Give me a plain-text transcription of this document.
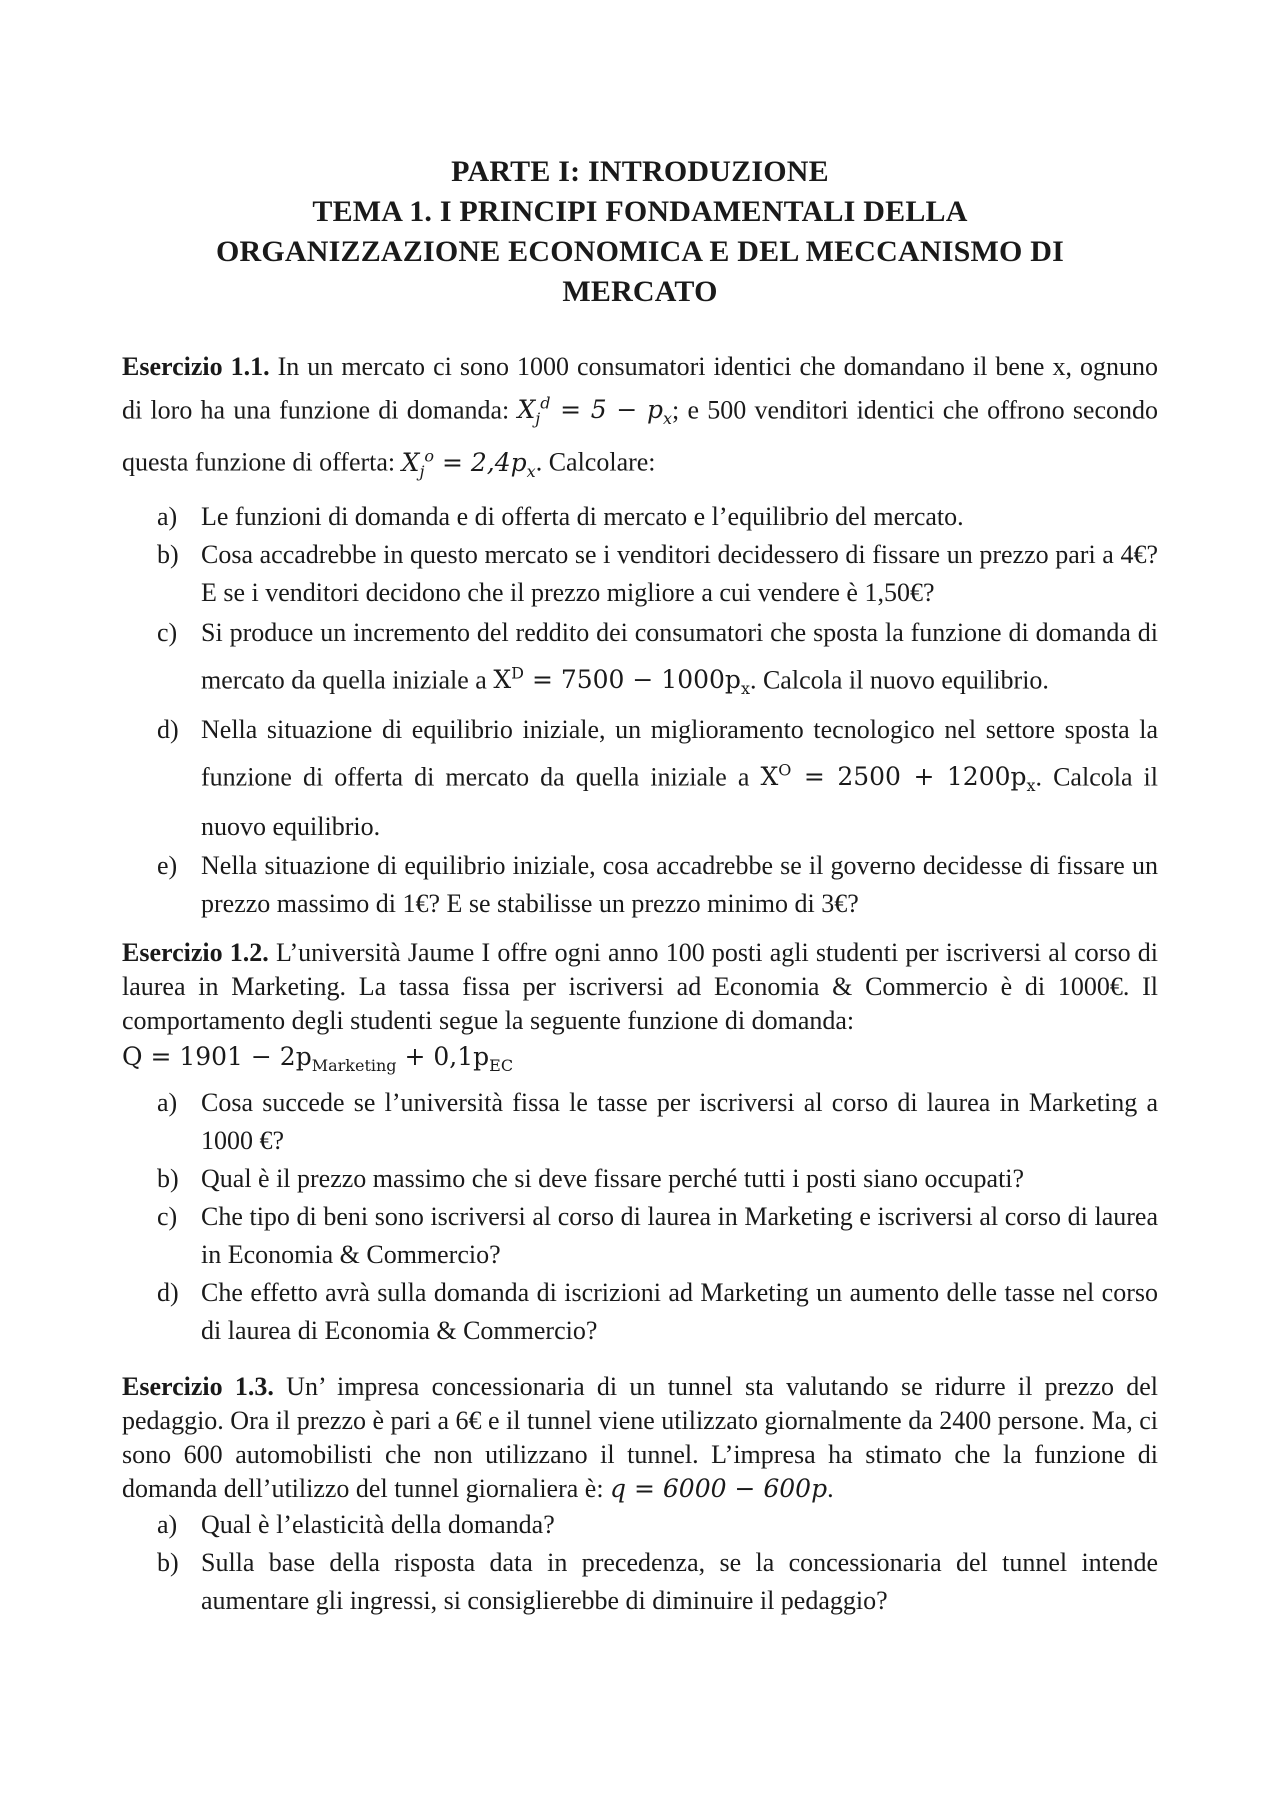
PARTE I: INTRODUZIONE
TEMA 1. I PRINCIPI FONDAMENTALI DELLA
ORGANIZZAZIONE ECONOMICA E DEL MECCANISMO DI
MERCATO

Esercizio 1.1. In un mercato ci sono 1000 consumatori identici che domandano il bene x, ognuno di loro ha una funzione di domanda: $X_j^d = 5 - p_x$; e 500 venditori identici che offrono secondo questa funzione di offerta: $X_j^o = 2,4p_x$. Calcolare:

a) Le funzioni di domanda e di offerta di mercato e l’equilibrio del mercato.
b) Cosa accadrebbe in questo mercato se i venditori decidessero di fissare un prezzo pari a 4€? E se i venditori decidono che il prezzo migliore a cui vendere è 1,50€?
c) Si produce un incremento del reddito dei consumatori che sposta la funzione di domanda di mercato da quella iniziale a $X^D = 7500 - 1000p_x$. Calcola il nuovo equilibrio.
d) Nella situazione di equilibrio iniziale, un miglioramento tecnologico nel settore sposta la funzione di offerta di mercato da quella iniziale a $X^O = 2500 + 1200p_x$. Calcola il nuovo equilibrio.
e) Nella situazione di equilibrio iniziale, cosa accadrebbe se il governo decidesse di fissare un prezzo massimo di 1€? E se stabilisse un prezzo minimo di 3€?

Esercizio 1.2. L’università Jaume I offre ogni anno 100 posti agli studenti per iscriversi al corso di laurea in Marketing. La tassa fissa per iscriversi ad Economia & Commercio è di 1000€. Il comportamento degli studenti segue la seguente funzione di domanda:

$Q = 1901 - 2p_{Marketing} + 0,1p_{EC}$

a) Cosa succede se l’università fissa le tasse per iscriversi al corso di laurea in Marketing a 1000 €?
b) Qual è il prezzo massimo che si deve fissare perché tutti i posti siano occupati?
c) Che tipo di beni sono iscriversi al corso di laurea in Marketing e iscriversi al corso di laurea in Economia & Commercio?
d) Che effetto avrà sulla domanda di iscrizioni ad Marketing un aumento delle tasse nel corso di laurea di Economia & Commercio?

Esercizio 1.3. Un’ impresa concessionaria di un tunnel sta valutando se ridurre il prezzo del pedaggio. Ora il prezzo è pari a 6€ e il tunnel viene utilizzato giornalmente da 2400 persone. Ma, ci sono 600 automobilisti che non utilizzano il tunnel. L’impresa ha stimato che la funzione di domanda dell’utilizzo del tunnel giornaliera è: q = 6000 − 600p.

a) Qual è l’elasticità della domanda?
b) Sulla base della risposta data in precedenza, se la concessionaria del tunnel intende aumentare gli ingressi, si consiglierebbe di diminuire il pedaggio?
